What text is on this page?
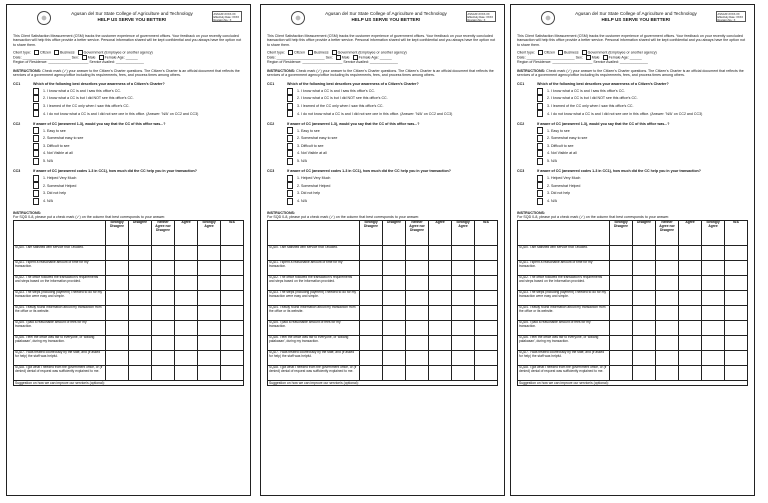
Agusan del Sur State College of Agriculture and Technology
HELP US SERVE YOU BETTER!
ASSCAT-XXXX-XX
Effectivity Date: XXXX
Revision No.: X
This Client Satisfaction Measurement (CSM) tracks the customer experience of government offices. Your feedback on your recently concluded transaction will help this office provide a better service. Personal information shared will be kept confidential and you always have the option not to share them.
Client type:	Citizen	Business	Government (Employee or another agency)
Date: ________________________ Sex:	Male	Female Age: ______
Region of Residence: ____________________ Service Availed: ______________
INSTRUCTIONS: Check mark (✓) your answer to the Citizen's Charter questions. The Citizen's Charter is an official document that reflects the services of a government agency/office including its requirements, fees, and process times among others.
CC1	Which of the following best describes your awareness of a Citizen's Charter?
1. I know what a CC is and I saw this office's CC.
2. I know what a CC is but I did NOT see this office's CC.
3. I learned of the CC only when I saw this office's CC.
4. I do not know what a CC is and I did not see one in this office. (Answer: 'N/A' on CC2 and CC3)
CC2	If aware of CC (answered 1-3), would you say that the CC of this office was...?
1. Easy to see
2. Somewhat easy to see
3. Difficult to see
4. Not Visible at all
5. N/A
CC3	If aware of CC (answered codes 1-3 in CC1), how much did the CC help you in your transaction?
1. Helped Very Much
2. Somewhat Helped
3. Did not help
4. N/A
INSTRUCTIONS:
For SQD 0-8, please put a check mark (✓) on the column that best corresponds to your answer.
	Strongly Disagree	Disagree	Neither Agree nor Disagree	Agree	Strongly Agree	N/A
SQD0. I am satisfied with service that I availed.						
SQD1. I spent a reasonable amount of time for my transaction.						
SQD2. The office followed the transaction's requirements and steps based on the information provided.						
SQD3. The steps (including payment) I needed to do for my transaction were easy and simple.						
SQD4. I easily found information about my transaction from the office or its website.						
SQD5. I paid a reasonable amount of fees for my transaction.						
SQD6. I feel the office was fair to everyone, or 'walang palakasan', during my transaction.						
SQD7. I was treated courteously by the staff, and (if asked for help) the staff was helpful.						
SQD8. I got what I needed from the government office, or (if denied) denial of request was sufficiently explained to me.						
Suggestion on how we can improve our service/s (optional):
Agusan del Sur State College of Agriculture and Technology
HELP US SERVE YOU BETTER!
ASSCAT-XXXX-XX
Effectivity Date: XXXX
Revision No.: X
This Client Satisfaction Measurement (CSM) tracks the customer experience of government offices. Your feedback on your recently concluded transaction will help this office provide a better service. Personal information shared will be kept confidential and you always have the option not to share them.
Client type:	Citizen	Business	Government (Employee or another agency)
Date: ________________________ Sex:	Male	Female Age: ______
Region of Residence: ____________________ Service Availed: ______________
INSTRUCTIONS: Check mark (✓) your answer to the Citizen's Charter questions. The Citizen's Charter is an official document that reflects the services of a government agency/office including its requirements, fees, and process times among others.
CC1	Which of the following best describes your awareness of a Citizen's Charter?
1. I know what a CC is and I saw this office's CC.
2. I know what a CC is but I did NOT see this office's CC.
3. I learned of the CC only when I saw this office's CC.
4. I do not know what a CC is and I did not see one in this office. (Answer: 'N/A' on CC2 and CC3)
CC2	If aware of CC (answered 1-3), would you say that the CC of this office was...?
1. Easy to see
2. Somewhat easy to see
3. Difficult to see
4. Not Visible at all
5. N/A
CC3	If aware of CC (answered codes 1-3 in CC1), how much did the CC help you in your transaction?
1. Helped Very Much
2. Somewhat Helped
3. Did not help
4. N/A
INSTRUCTIONS:
For SQD 0-8, please put a check mark (✓) on the column that best corresponds to your answer.
	Strongly Disagree	Disagree	Neither Agree nor Disagree	Agree	Strongly Agree	N/A
SQD0. I am satisfied with service that I availed.						
SQD1. I spent a reasonable amount of time for my transaction.						
SQD2. The office followed the transaction's requirements and steps based on the information provided.						
SQD3. The steps (including payment) I needed to do for my transaction were easy and simple.						
SQD4. I easily found information about my transaction from the office or its website.						
SQD5. I paid a reasonable amount of fees for my transaction.						
SQD6. I feel the office was fair to everyone, or 'walang palakasan', during my transaction.						
SQD7. I was treated courteously by the staff, and (if asked for help) the staff was helpful.						
SQD8. I got what I needed from the government office, or (if denied) denial of request was sufficiently explained to me.						
Suggestion on how we can improve our service/s (optional):
Agusan del Sur State College of Agriculture and Technology
HELP US SERVE YOU BETTER!
ASSCAT-XXXX-XX
Effectivity Date: XXXX
Revision No.: X
This Client Satisfaction Measurement (CSM) tracks the customer experience of government offices. Your feedback on your recently concluded transaction will help this office provide a better service. Personal information shared will be kept confidential and you always have the option not to share them.
Client type:	Citizen	Business	Government (Employee or another agency)
Date: ________________________ Sex:	Male	Female Age: ______
Region of Residence: ____________________ Service Availed: ______________
INSTRUCTIONS: Check mark (✓) your answer to the Citizen's Charter questions. The Citizen's Charter is an official document that reflects the services of a government agency/office including its requirements, fees, and process times among others.
CC1	Which of the following best describes your awareness of a Citizen's Charter?
1. I know what a CC is and I saw this office's CC.
2. I know what a CC is but I did NOT see this office's CC.
3. I learned of the CC only when I saw this office's CC.
4. I do not know what a CC is and I did not see one in this office. (Answer: 'N/A' on CC2 and CC3)
CC2	If aware of CC (answered 1-3), would you say that the CC of this office was...?
1. Easy to see
2. Somewhat easy to see
3. Difficult to see
4. Not Visible at all
5. N/A
CC3	If aware of CC (answered codes 1-3 in CC1), how much did the CC help you in your transaction?
1. Helped Very Much
2. Somewhat Helped
3. Did not help
4. N/A
INSTRUCTIONS:
For SQD 0-8, please put a check mark (✓) on the column that best corresponds to your answer.
	Strongly Disagree	Disagree	Neither Agree nor Disagree	Agree	Strongly Agree	N/A
SQD0. I am satisfied with service that I availed.						
SQD1. I spent a reasonable amount of time for my transaction.						
SQD2. The office followed the transaction's requirements and steps based on the information provided.						
SQD3. The steps (including payment) I needed to do for my transaction were easy and simple.						
SQD4. I easily found information about my transaction from the office or its website.						
SQD5. I paid a reasonable amount of fees for my transaction.						
SQD6. I feel the office was fair to everyone, or 'walang palakasan', during my transaction.						
SQD7. I was treated courteously by the staff, and (if asked for help) the staff was helpful.						
SQD8. I got what I needed from the government office, or (if denied) denial of request was sufficiently explained to me.						
Suggestion on how we can improve our service/s (optional):
